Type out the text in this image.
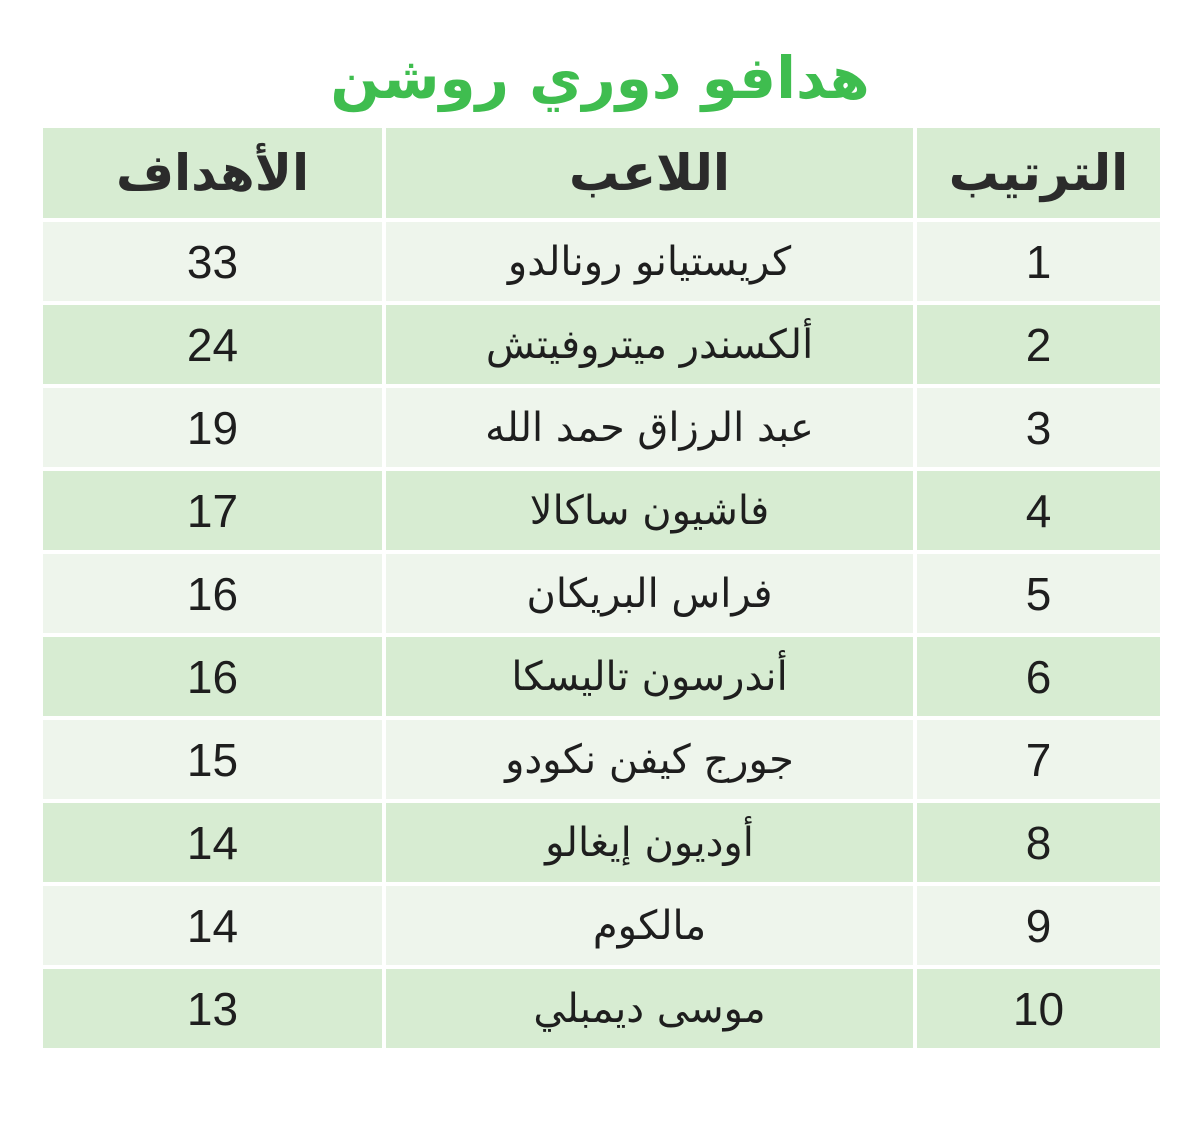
هدافو دوري روشن
الترتيب
اللاعب
الأهداف
1
كريستيانو رونالدو
33
2
ألكسندر ميتروفيتش
24
3
عبد الرزاق حمد الله
19
4
فاشيون ساكالا
17
5
فراس البريكان
16
6
أندرسون تاليسكا
16
7
جورج كيفن نكودو
15
8
أوديون إيغالو
14
9
مالكوم
14
10
موسى ديمبلي
13
